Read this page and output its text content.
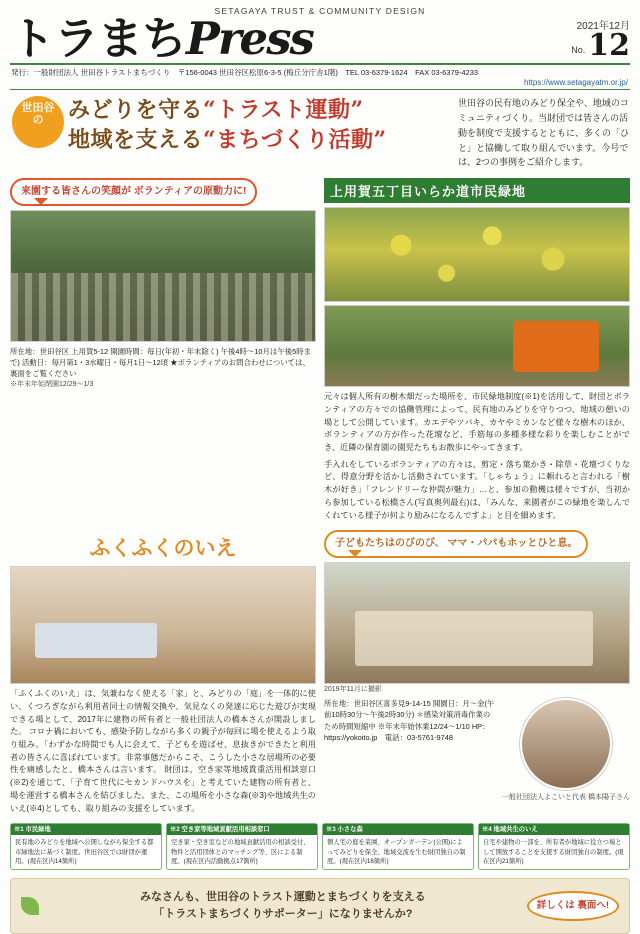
SETAGAYA TRUST & COMMUNITY DESIGN
トラまちPress	2021年12月
No. 12
発行：一般財団法人 世田谷トラストまちづくり　〒156-0043 世田谷区松原6-3-5 (梅丘分庁舎1階)　TEL 03-6379-1624　FAX 03-6379-4233
https://www.setagayatm.or.jp/
世田谷の	みどりを守る“トラスト運動”
地域を支える“まちづくり活動”
世田谷の民有地のみどり保全や、地域のコミュニティづくり。当財団では皆さんの活動を制度で支援するとともに、多くの「ひと」と協働して取り組んでいます。今号では、2つの事例をご紹介します。
来園する皆さんの笑顔が ボランティアの原動力に!
所在地：世田谷区 上用賀5-12 開園時間：毎日(年初・年末除く) 午後4時〜10月は午後5時まで) 活動日：毎月第1・3水曜日・毎月1日〜12頃 ★ボランティアのお問合わせについては、裏面をご覧ください
※年末年始閉園12/29〜1/3
上用賀五丁目いらか道市民緑地
元々は個人所有の樹木畑だった場所を、市民緑地制度(※1)を活用して、財団とボランティアの方々での協働管理によって、民有地のみどりを守りつつ、地域の憩いの場として公開しています。カエデやツバキ、カヤやミカンなど様々な樹木のほか、ボランティアの方が作った花壇など、手筋毎の多種多様な彩りを楽しむことができ、近隣の保育園の園児たちもお散歩にやってきます。
手入れをしているボランティアの方々は、剪定・落ち葉かき・除草・花壇づくりなど、得意分野を活かし活動されています。「しゃちょう」に頼れると言われる「樹木が好き」「フレンドリーな仲間が魅力」…と、参加の動機は様々ですが、当初から参加している松橋さん(写真奥列最右)は、「みんな、来園者がこの緑地を楽しんでくれている様子が何より励みになるんですよ」と目を細めます。
ふくふくのいえ
「ふくふくのいえ」は、気兼ねなく使える「家」と、みどりの「庭」を一体的に使い、くつろぎながら利用者同士の情報交換や、気見なくの発達に応じた遊びが実現できる場として、2017年に建物の所有者と一般社団法人の橋本さんが開設しました。 コロナ禍においても、感染予防しながら多くの親子が毎回に場を使えるよう取り組み。「わずかな時間でも人に会えて、子どもを遊ばせ、息抜きができたと利用者の皆さんに喜ばれています。非常事態だからこそ、こうした小さな居場所の必要性を痛感したと、橋本さんは言います。 財団は、空き家等地域貴重活用相談窓口(※2)を通じて、「子育て世代にセカンドハウスを」と考えていた建物の所有者と、場を運営する橋本さんを結びました。また、この場所を小さな森(※3)や地域共生のいえ(※4)としても、取り組みの支援をしています。
子どもたちはのびのび、 ママ・パパもホッとひと息。
2019年11月に撮影
所在地：世田谷区喜多見9-14-15 開園日：月〜金(午前10時30分〜午後2時30分) ＊感染対策消毒作業のため時間短縮中 ※年末年始休業12/24〜1/10 HP：https://yokoito.jp　電話：03-5761-9748
一般社団法人よこいと代表 橋本陽子さん
※1 市民緑地
民有地のみどりを地域へ公開しながら保全する都市緑地法に基づく制度。世田谷区では財団が運用。(現在区内14箇所)
※2 空き家等地域貢献活用相談窓口
空き家・空き室などの地域貢献活用の相談受付、物件と活用団体とのマッチング等、区による制度。(現在区内活動拠点17箇所)
※3 小さな森
個人宅の庭を菜園、オープンガーデン(公開)によってみどりを保全、地域交流を生む財団独自の制度。(現在区内16箇所)
※4 地域共生のいえ
自宅や建物の一部を、所有者が地域に役立つ場として開放することを支援する財団独自の制度。(現在区内21箇所)
みなさんも、世田谷のトラスト運動とまちづくりを支える
「トラストまちづくりサポーター」になりませんか?
詳しくは 裏面へ!
